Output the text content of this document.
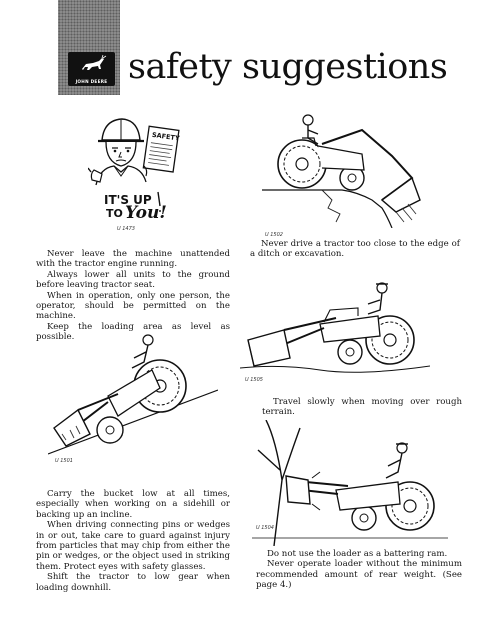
JOHN DEERE safety suggestions
SAFETY
IT'S UP
TO You!
U 1473

Never leave the machine unattended with the tractor engine running.

Always lower all units to the ground before leaving tractor seat.

When in operation, only one person, the operator, should be permitted on the machine.

Keep the loading area as level as possible.

U 1502

Never drive a tractor too close to the edge of a ditch or excavation.

U 1505

Travel slowly when moving over rough terrain.

U 1501

Carry the bucket low at all times, especially when working on a sidehill or backing up an incline.

When driving connecting pins or wedges in or out, take care to guard against injury from particles that may chip from either the pin or wedges, or the object used in striking them. Protect eyes with safety glasses.

Shift the tractor to low gear when loading downhill.

U 1504

Do not use the loader as a battering ram.

Never operate loader without the minimum recommended amount of rear weight. (See page 4.)
